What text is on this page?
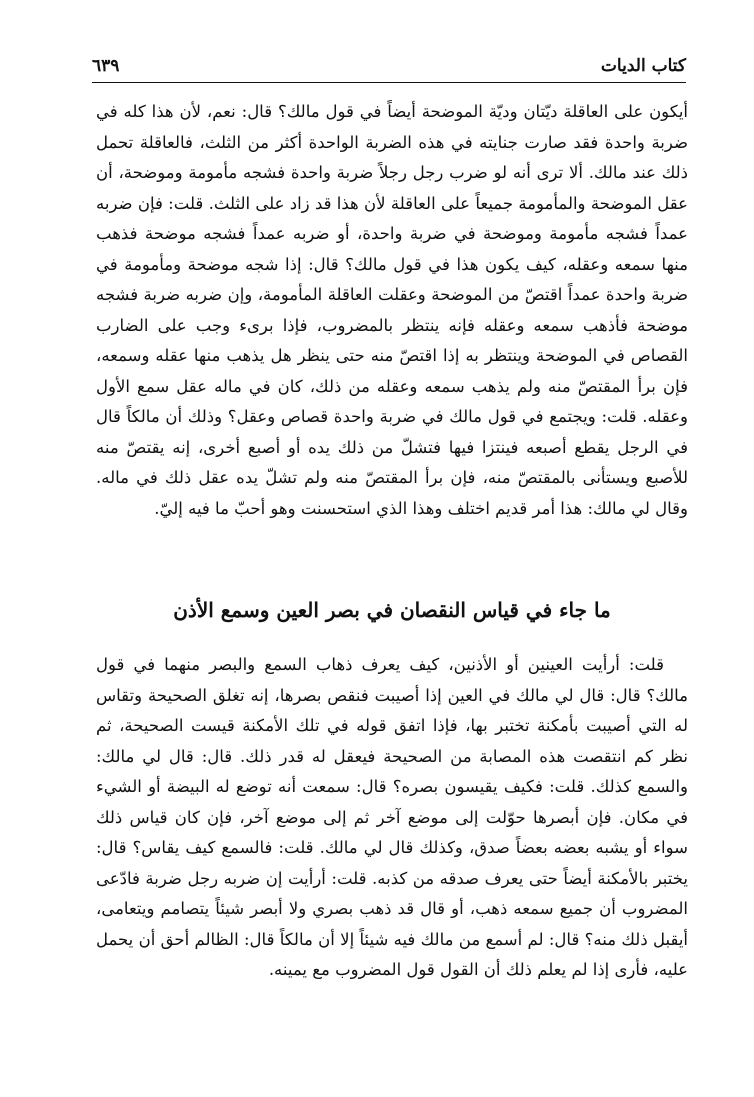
كتاب الديات
٦٣٩

أيكون على العاقلة ديّتان وديّة الموضحة أيضاً في قول مالك؟ قال: نعم، لأن هذا كله في ضربة واحدة فقد صارت جنايته في هذه الضربة الواحدة أكثر من الثلث، فالعاقلة تحمل ذلك عند مالك. ألا ترى أنه لو ضرب رجل رجلاً ضربة واحدة فشجه مأمومة وموضحة، أن عقل الموضحة والمأمومة جميعاً على العاقلة لأن هذا قد زاد على الثلث. قلت: فإن ضربه عمداً فشجه مأمومة وموضحة في ضربة واحدة، أو ضربه عمداً فشجه موضحة فذهب منها سمعه وعقله، كيف يكون هذا في قول مالك؟ قال: إذا شجه موضحة ومأمومة في ضربة واحدة عمداً اقتصّ من الموضحة وعقلت العاقلة المأمومة، وإن ضربه ضربة فشجه موضحة فأذهب سمعه وعقله فإنه ينتظر بالمضروب، فإذا برىء وجب على الضارب القصاص في الموضحة وينتظر به إذا اقتصّ منه حتى ينظر هل يذهب منها عقله وسمعه، فإن برأ المقتصّ منه ولم يذهب سمعه وعقله من ذلك، كان في ماله عقل سمع الأول وعقله. قلت: ويجتمع في قول مالك في ضربة واحدة قصاص وعقل؟ وذلك أن مالكاً قال في الرجل يقطع أصبعه فينتزا فيها فتشلّ من ذلك يده أو أصبع أخرى، إنه يقتصّ منه للأصبع ويستأنى بالمقتصّ منه، فإن برأ المقتصّ منه ولم تشلّ يده عقل ذلك في ماله. وقال لي مالك: هذا أمر قديم اختلف وهذا الذي استحسنت وهو أحبّ ما فيه إليّ.

ما جاء في قياس النقصان في بصر العين وسمع الأذن

قلت: أرأيت العينين أو الأذنين، كيف يعرف ذهاب السمع والبصر منهما في قول مالك؟ قال: قال لي مالك في العين إذا أصيبت فنقص بصرها، إنه تغلق الصحيحة وتقاس له التي أصيبت بأمكنة تختبر بها، فإذا اتفق قوله في تلك الأمكنة قيست الصحيحة، ثم نظر كم انتقصت هذه المصابة من الصحيحة فيعقل له قدر ذلك. قال: قال لي مالك: والسمع كذلك. قلت: فكيف يقيسون بصره؟ قال: سمعت أنه توضع له البيضة أو الشيء في مكان. فإن أبصرها حوّلت إلى موضع آخر ثم إلى موضع آخر، فإن كان قياس ذلك سواء أو يشبه بعضه بعضاً صدق، وكذلك قال لي مالك. قلت: فالسمع كيف يقاس؟ قال: يختبر بالأمكنة أيضاً حتى يعرف صدقه من كذبه. قلت: أرأيت إن ضربه رجل ضربة فادّعى المضروب أن جميع سمعه ذهب، أو قال قد ذهب بصري ولا أبصر شيئاً يتصامم ويتعامى، أيقبل ذلك منه؟ قال: لم أسمع من مالك فيه شيئاً إلا أن مالكاً قال: الظالم أحق أن يحمل عليه، فأرى إذا لم يعلم ذلك أن القول قول المضروب مع يمينه.
